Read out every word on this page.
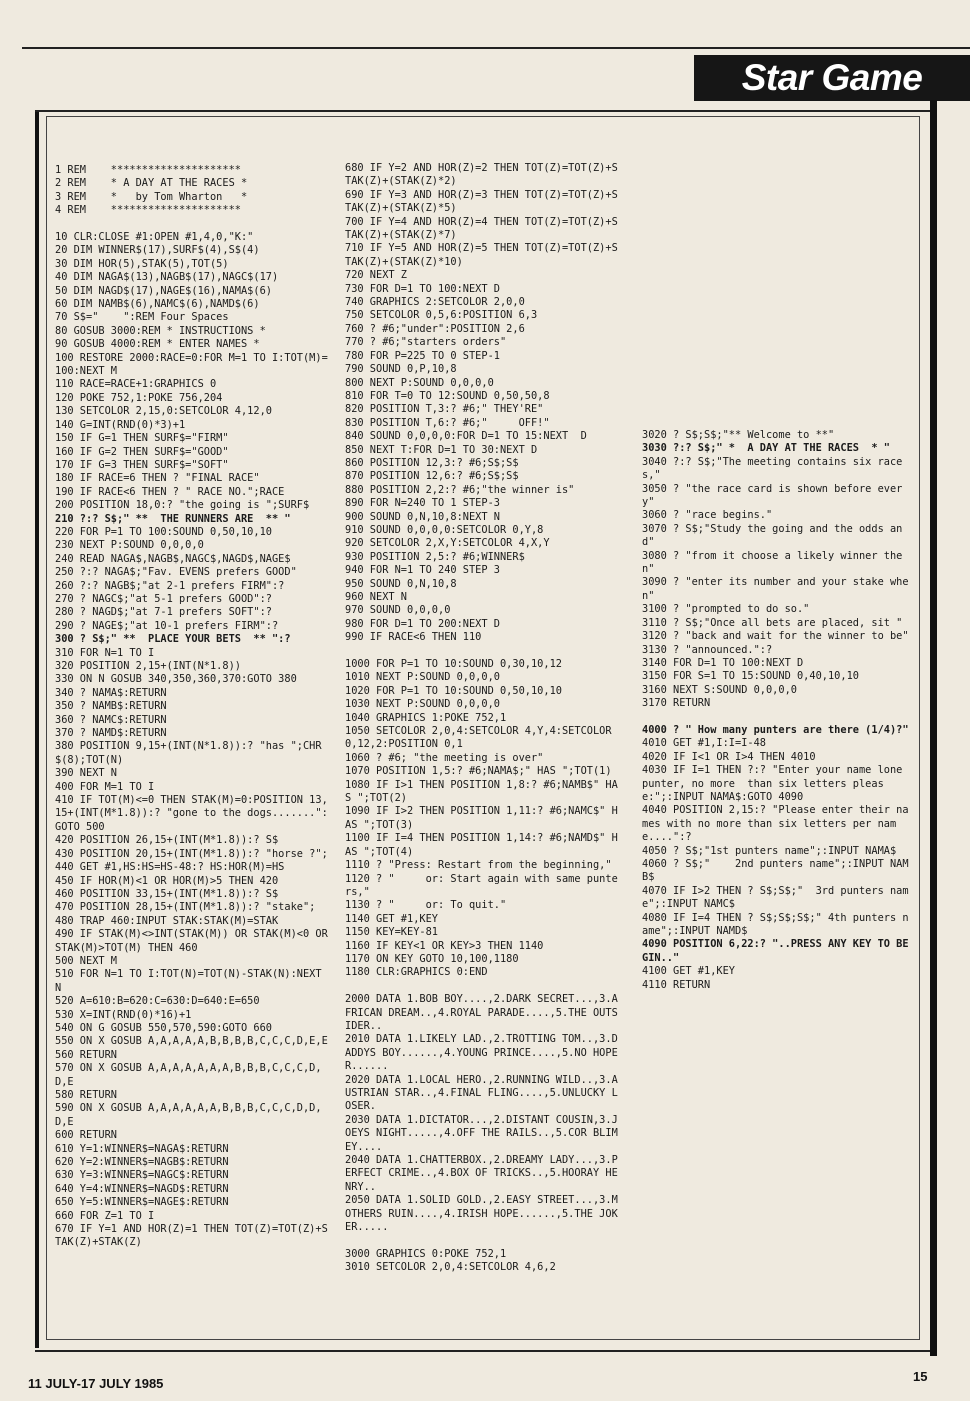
Star Game
1 REM    *********************
2 REM    * A DAY AT THE RACES *
3 REM    *   by Tom Wharton   *
4 REM    *********************
10 CLR:CLOSE #1:OPEN #1,4,0,"K:"
20 DIM WINNER$(17),SURF$(4),S$(4)
30 DIM HOR(5),STAK(5),TOT(5)
40 DIM NAGA$(13),NAGB$(17),NAGC$(17)
50 DIM NAGD$(17),NAGE$(16),NAMA$(6)
60 DIM NAMB$(6),NAMC$(6),NAMD$(6)
70 S$="    ":REM Four Spaces
80 GOSUB 3000:REM * INSTRUCTIONS *
90 GOSUB 4000:REM * ENTER NAMES *
100 RESTORE 2000:RACE=0:FOR M=1 TO I:TOT(M)=100:NEXT M
110 RACE=RACE+1:GRAPHICS 0
120 POKE 752,1:POKE 756,204
130 SETCOLOR 2,15,0:SETCOLOR 4,12,0
140 G=INT(RND(0)*3)+1
150 IF G=1 THEN SURF$="FIRM"
160 IF G=2 THEN SURF$="GOOD"
170 IF G=3 THEN SURF$="SOFT"
180 IF RACE=6 THEN ? "FINAL RACE"
190 IF RACE<6 THEN ? " RACE NO.";RACE
200 POSITION 18,0:? "the going is ";SURF$
210 ?:? S$;" **  THE RUNNERS ARE  ** "
220 FOR P=1 TO 100:SOUND 0,50,10,10
230 NEXT P:SOUND 0,0,0,0
240 READ NAGA$,NAGB$,NAGC$,NAGD$,NAGE$
250 ?:? NAGA$;"Fav. EVENS prefers GOOD"
260 ?:? NAGB$;"at 2-1 prefers FIRM":?
270 ? NAGC$;"at 5-1 prefers GOOD":?
280 ? NAGD$;"at 7-1 prefers SOFT":?
290 ? NAGE$;"at 10-1 prefers FIRM":?
300 ? S$;" **  PLACE YOUR BETS  ** ":?
310 FOR N=1 TO I
320 POSITION 2,15+(INT(N*1.8))
330 ON N GOSUB 340,350,360,370:GOTO 380
340 ? NAMA$:RETURN
350 ? NAMB$:RETURN
360 ? NAMC$:RETURN
370 ? NAMD$:RETURN
380 POSITION 9,15+(INT(N*1.8)):? "has ";CHR$(8);TOT(N)
390 NEXT N
400 FOR M=1 TO I
410 IF TOT(M)<=0 THEN STAK(M)=0:POSITION 13,15+(INT(M*1.8)):? "gone to the dogs.......":GOTO 500
420 POSITION 26,15+(INT(M*1.8)):? S$
430 POSITION 20,15+(INT(M*1.8)):? "horse ?";
440 GET #1,HS:HS=HS-48:? HS:HOR(M)=HS
450 IF HOR(M)<1 OR HOR(M)>5 THEN 420
460 POSITION 33,15+(INT(M*1.8)):? S$
470 POSITION 28,15+(INT(M*1.8)):? "stake";
480 TRAP 460:INPUT STAK:STAK(M)=STAK
490 IF STAK(M)<>INT(STAK(M)) OR STAK(M)<0 OR STAK(M)>TOT(M) THEN 460
500 NEXT M
510 FOR N=1 TO I:TOT(N)=TOT(N)-STAK(N):NEXT N
520 A=610:B=620:C=630:D=640:E=650
530 X=INT(RND(0)*16)+1
540 ON G GOSUB 550,570,590:GOTO 660
550 ON X GOSUB A,A,A,A,A,B,B,B,B,C,C,C,D,E,E
560 RETURN
570 ON X GOSUB A,A,A,A,A,A,A,B,B,B,C,C,C,D,D,E
580 RETURN
590 ON X GOSUB A,A,A,A,A,A,B,B,B,C,C,C,D,D,D,E
600 RETURN
610 Y=1:WINNER$=NAGA$:RETURN
620 Y=2:WINNER$=NAGB$:RETURN
630 Y=3:WINNER$=NAGC$:RETURN
640 Y=4:WINNER$=NAGD$:RETURN
650 Y=5:WINNER$=NAGE$:RETURN
660 FOR Z=1 TO I
670 IF Y=1 AND HOR(Z)=1 THEN TOT(Z)=TOT(Z)+STAK(Z)+STAK(Z)
680 IF Y=2 AND HOR(Z)=2 THEN TOT(Z)=TOT(Z)+STAK(Z)+(STAK(Z)*2)
690 IF Y=3 AND HOR(Z)=3 THEN TOT(Z)=TOT(Z)+STAK(Z)+(STAK(Z)*5)
700 IF Y=4 AND HOR(Z)=4 THEN TOT(Z)=TOT(Z)+STAK(Z)+(STAK(Z)*7)
710 IF Y=5 AND HOR(Z)=5 THEN TOT(Z)=TOT(Z)+STAK(Z)+(STAK(Z)*10)
720 NEXT Z
730 FOR D=1 TO 100:NEXT D
740 GRAPHICS 2:SETCOLOR 2,0,0
750 SETCOLOR 0,5,6:POSITION 6,3
760 ? #6;"under":POSITION 2,6
770 ? #6;"starters orders"
780 FOR P=225 TO 0 STEP-1
790 SOUND 0,P,10,8
800 NEXT P:SOUND 0,0,0,0
810 FOR T=0 TO 12:SOUND 0,50,50,8
820 POSITION T,3:? #6;" THEY'RE"
830 POSITION T,6:? #6;"     OFF!"
840 SOUND 0,0,0,0:FOR D=1 TO 15:NEXT  D
850 NEXT T:FOR D=1 TO 30:NEXT D
860 POSITION 12,3:? #6;S$;S$
870 POSITION 12,6:? #6;S$;S$
880 POSITION 2,2:? #6;"the winner is"
890 FOR N=240 TO 1 STEP-3
900 SOUND 0,N,10,8:NEXT N
910 SOUND 0,0,0,0:SETCOLOR 0,Y,8
920 SETCOLOR 2,X,Y:SETCOLOR 4,X,Y
930 POSITION 2,5:? #6;WINNER$
940 FOR N=1 TO 240 STEP 3
950 SOUND 0,N,10,8
960 NEXT N
970 SOUND 0,0,0,0
980 FOR D=1 TO 200:NEXT D
990 IF RACE<6 THEN 110
1000 FOR P=1 TO 10:SOUND 0,30,10,12
1010 NEXT P:SOUND 0,0,0,0
1020 FOR P=1 TO 10:SOUND 0,50,10,10
1030 NEXT P:SOUND 0,0,0,0
1040 GRAPHICS 1:POKE 752,1
1050 SETCOLOR 2,0,4:SETCOLOR 4,Y,4:SETCOLOR 0,12,2:POSITION 0,1
1060 ? #6; "the meeting is over"
1070 POSITION 1,5:? #6;NAMA$;" HAS ";TOT(1)
1080 IF I>1 THEN POSITION 1,8:? #6;NAMB$" HAS ";TOT(2)
1090 IF I>2 THEN POSITION 1,11:? #6;NAMC$" HAS ";TOT(3)
1100 IF I=4 THEN POSITION 1,14:? #6;NAMD$" HAS ";TOT(4)
1110 ? "Press: Restart from the beginning,"
1120 ? "     or: Start again with same punters,"
1130 ? "     or: To quit."
1140 GET #1,KEY
1150 KEY=KEY-81
1160 IF KEY<1 OR KEY>3 THEN 1140
1170 ON KEY GOTO 10,100,1180
1180 CLR:GRAPHICS 0:END
2000 DATA 1.BOB BOY....,2.DARK SECRET...,3.AFRICAN DREAM..,4.ROYAL PARADE....,5.THE OUTSIDER..
2010 DATA 1.LIKELY LAD.,2.TROTTING TOM..,3.DADDYS BOY......,4.YOUNG PRINCE....,5.NO HOPER......
2020 DATA 1.LOCAL HERO.,2.RUNNING WILD..,3.AUSTRIAN STAR..,4.FINAL FLING....,5.UNLUCKY LOSER.
2030 DATA 1.DICTATOR...,2.DISTANT COUSIN,3.JOEYS NIGHT.....,4.OFF THE RAILS..,5.COR BLIMEY....
2040 DATA 1.CHATTERBOX.,2.DREAMY LADY...,3.PERFECT CRIME..,4.BOX OF TRICKS..,5.HOORAY HENRY..
2050 DATA 1.SOLID GOLD.,2.EASY STREET...,3.MOTHERS RUIN....,4.IRISH HOPE......,5.THE JOKER.....
3000 GRAPHICS 0:POKE 752,1
3010 SETCOLOR 2,0,4:SETCOLOR 4,6,2
3020 ? S$;S$;"** Welcome to **"
3030 ?:? S$;" *  A DAY AT THE RACES  * "
3040 ?:? S$;"The meeting contains six races,"
3050 ? "the race card is shown before every"
3060 ? "race begins."
3070 ? S$;"Study the going and the odds and"
3080 ? "from it choose a likely winner then"
3090 ? "enter its number and your stake when"
3100 ? "prompted to do so."
3110 ? S$;"Once all bets are placed, sit "
3120 ? "back and wait for the winner to be"
3130 ? "announced.":?
3140 FOR D=1 TO 100:NEXT D
3150 FOR S=1 TO 15:SOUND 0,40,10,10
3160 NEXT S:SOUND 0,0,0,0
3170 RETURN
4000 ? " How many punters are there (1/4)?"
4010 GET #1,I:I=I-48
4020 IF I<1 OR I>4 THEN 4010
4030 IF I=1 THEN ?:? "Enter your name lone punter, no more  than six letters please:";:INPUT NAMA$:GOTO 4090
4040 POSITION 2,15:? "Please enter their names with no more than six letters per name....":?
4050 ? S$;"1st punters name";:INPUT NAMA$
4060 ? S$;"    2nd punters name";:INPUT NAMB$
4070 IF I>2 THEN ? S$;S$;"  3rd punters name";:INPUT NAMC$
4080 IF I=4 THEN ? S$;S$;S$;" 4th punters name";:INPUT NAMD$
4090 POSITION 6,22:? "..PRESS ANY KEY TO BEGIN.."
4100 GET #1,KEY
4110 RETURN
11 JULY-17 JULY 1985	15
